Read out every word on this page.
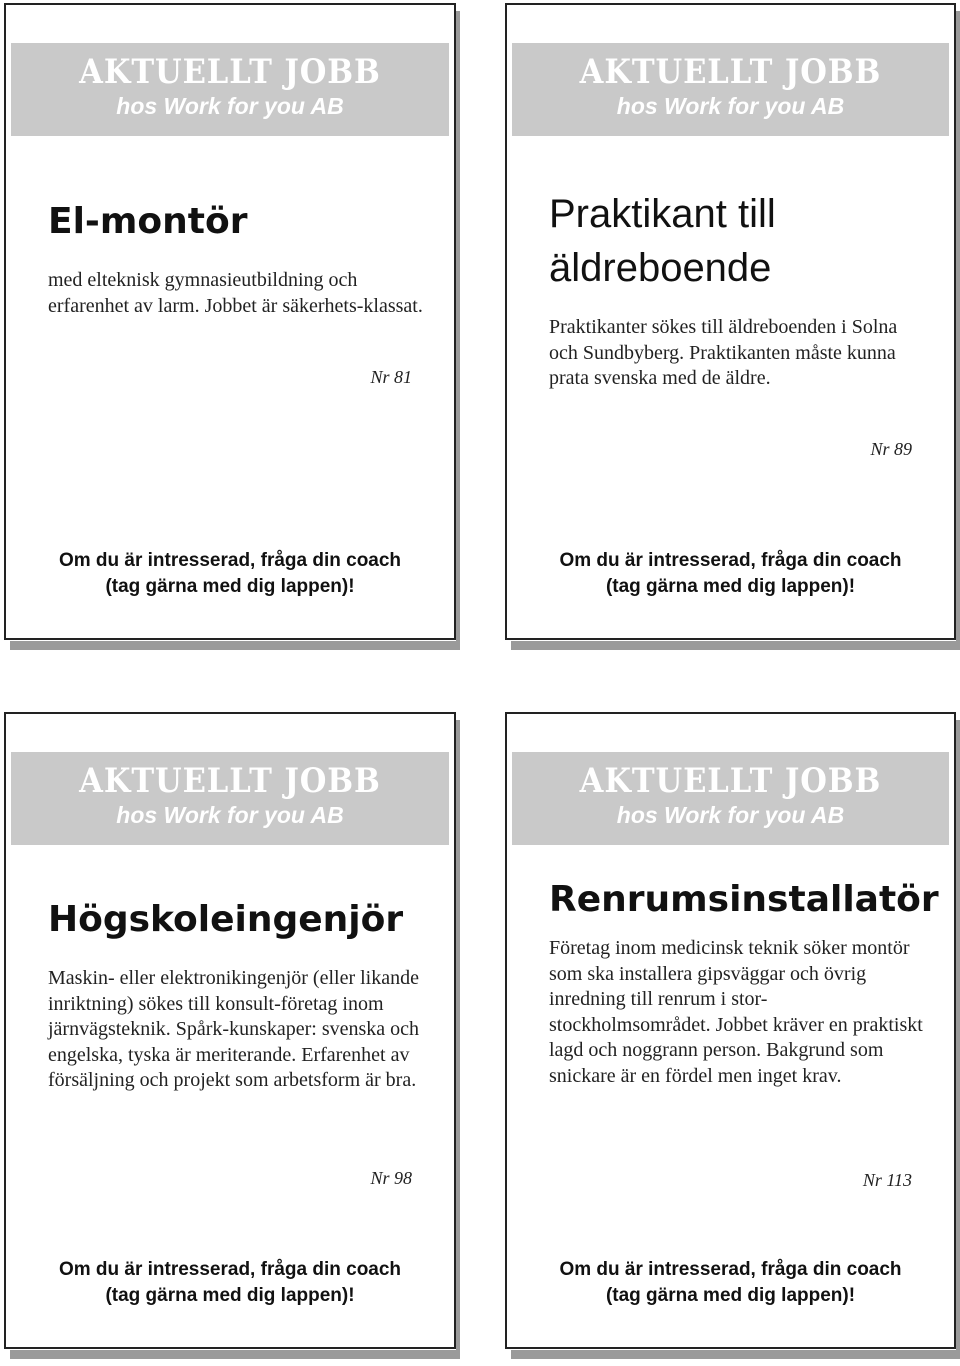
AKTUELLT JOBB
hos Work for you AB
El-montör

med elteknisk gymnasieutbildning och erfarenhet av larm. Jobbet är säkerhets-klassat.

Nr 81

Om du är intresserad, fråga din coach
(tag gärna med dig lappen)!
AKTUELLT JOBB
hos Work for you AB
Praktikant till äldreboende

Praktikanter sökes till äldreboenden i Solna och Sundbyberg. Praktikanten måste kunna prata svenska med de äldre.

Nr 89

Om du är intresserad, fråga din coach
(tag gärna med dig lappen)!
AKTUELLT JOBB
hos Work for you AB
Högskoleingenjör

Maskin- eller elektronikingenjör (eller likande inriktning) sökes till konsult-företag inom järnvägsteknik. Spårk-kunskaper: svenska och engelska, tyska är meriterande. Erfarenhet av försäljning och projekt som arbetsform är bra.

Nr 98

Om du är intresserad, fråga din coach
(tag gärna med dig lappen)!
AKTUELLT JOBB
hos Work for you AB
Renrumsinstallatör

Företag inom medicinsk teknik söker montör som ska installera gipsväggar och övrig inredning till renrum i stor-stockholmsområdet. Jobbet kräver en praktiskt lagd och noggrann person. Bakgrund som snickare är en fördel men inget krav.

Nr 113

Om du är intresserad, fråga din coach
(tag gärna med dig lappen)!
